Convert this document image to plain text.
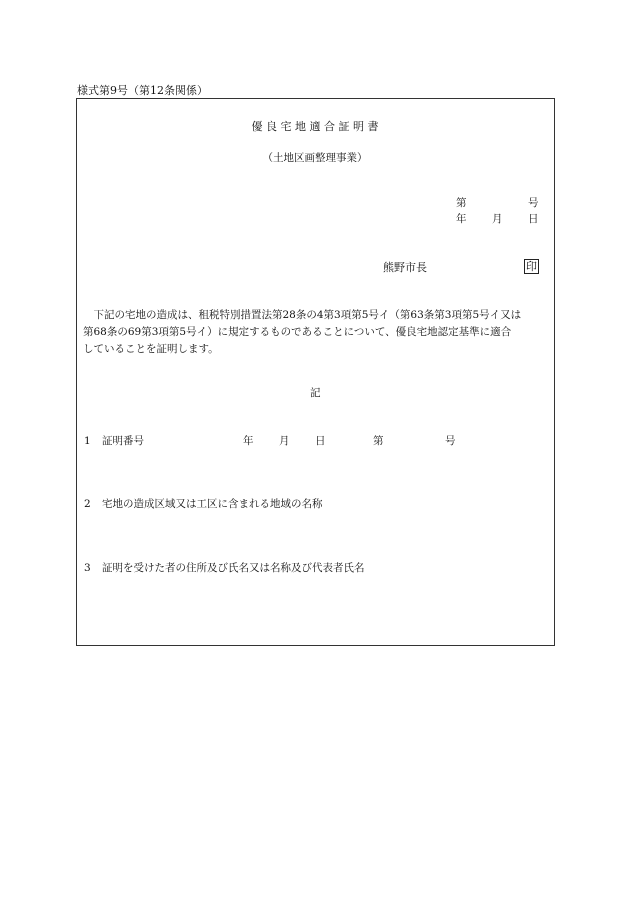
様式第9号（第12条関係）
優 良 宅 地 適 合 証 明 書
（土地区画整理事業）
第	号
年 月 日
熊野市長	印
　下記の宅地の造成は、租税特別措置法第28条の4第3項第5号イ（第63条第3項第5号イ又は
第68条の69第3項第5号イ）に規定するものであることについて、優良宅地認定基準に適合
していることを証明します。
記
1 証明番号	年 月 日	第	号
2 宅地の造成区域又は工区に含まれる地域の名称
3 証明を受けた者の住所及び氏名又は名称及び代表者氏名
